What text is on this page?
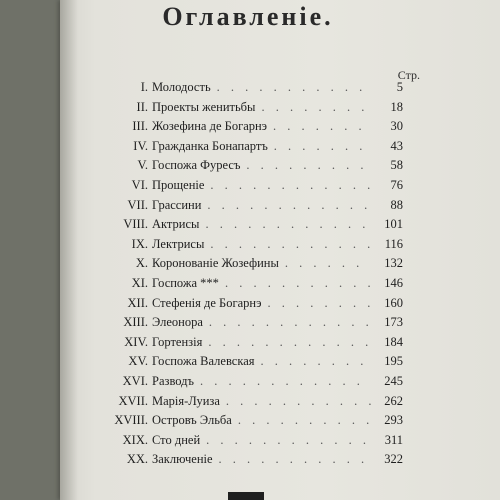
Оглавленіе.
Стр.
I. Молодость . . .	5
II. Проекты женитьбы . . .	18
III. Жозефина де Богарнэ . . .	30
IV. Гражданка Бонапартъ . . .	43
V. Госпожа Фуресъ . . .	58
VI. Прощеніе . . .	76
VII. Грассини . . .	88
VIII. Актрисы . . .	101
IX. Лектрисы . . .	116
X. Коронованіе Жозефины . . .	132
XI. Госпожа *** . . .	146
XII. Стефенія де Богарнэ . . .	160
XIII. Элеонора . . .	173
XIV. Гортензія . . .	184
XV. Госпожа Валевская . . .	195
XVI. Разводъ . . .	245
XVII. Марія-Луиза . . .	262
XVIII. Островъ Эльба . . .	293
XIX. Сто дней . . .	311
XX. Заключеніе . . .	322
